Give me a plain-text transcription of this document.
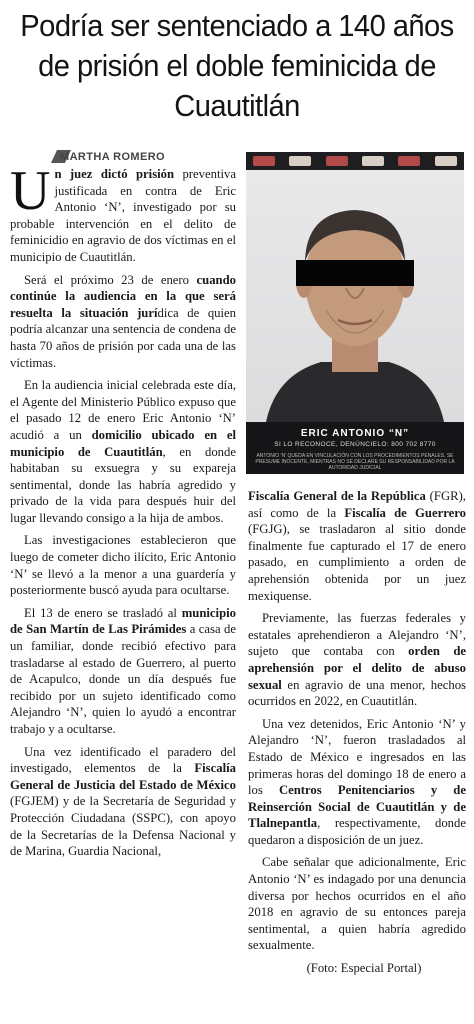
Podría ser sentenciado a 140 años de prisión el doble feminicida de Cuautitlán
MARTHA ROMERO

Un juez dictó prisión preventiva justificada en contra de Eric Antonio ‘N’, investigado por su probable intervención en el delito de feminicidio en agravio de dos víctimas en el municipio de Cuautitlán.

Será el próximo 23 de enero cuando continúe la audiencia en la que será resuelta la situación jurídica de quien podría alcanzar una sentencia de condena de hasta 70 años de prisión por cada una de las víctimas.

En la audiencia inicial celebrada este día, el Agente del Ministerio Público expuso que el pasado 12 de enero Eric Antonio ‘N’ acudió a un domicilio ubicado en el municipio de Cuautitlán, en donde habitaban su exsuegra y su expareja sentimental, donde las habría agredido y privado de la vida para después huir del lugar llevando consigo a la hija de ambos.

Las investigaciones establecieron que luego de cometer dicho ilícito, Eric Antonio ‘N’ se llevó a la menor a una guardería y posteriormente buscó ayuda para ocultarse.

El 13 de enero se trasladó al municipio de San Martín de Las Pirámides a casa de un familiar, donde recibió efectivo para trasladarse al estado de Guerrero, al puerto de Acapulco, donde un día después fue recibido por un sujeto identificado como Alejandro ‘N’, quien lo ayudó a encontrar trabajo y a ocultarse.

Una vez identificado el paradero del investigado, elementos de la Fiscalía General de Justicia del Estado de México (FGJEM) y de la Secretaría de Seguridad y Protección Ciudadana (SSPC), con apoyo de la Secretarías de la Defensa Nacional y de Marina, Guardia Nacional,

ERIC ANTONIO “N”
SI LO RECONOCE, DENÚNCIELO: 800 702 8770
ANTONIO 'N' QUEDA EN VINCULACIÓN CON LOS PROCEDIMIENTOS PENALES. SE PRESUME INOCENTE, MIENTRAS NO SE DECLARE SU RESPONSABILIDAD POR LA AUTORIDAD JUDICIAL

Fiscalía General de la República (FGR), así como de la Fiscalía de Guerrero (FGJG), se trasladaron al sitio donde finalmente fue capturado el 17 de enero pasado, en cumplimiento a orden de aprehensión obtenida por un juez mexiquense.

Previamente, las fuerzas federales y estatales aprehendieron a Alejandro ‘N’, sujeto que contaba con orden de aprehensión por el delito de abuso sexual en agravio de una menor, hechos ocurridos en 2022, en Cuautitlán.

Una vez detenidos, Eric Antonio ‘N’ y Alejandro ‘N’, fueron trasladados al Estado de México e ingresados en las primeras horas del domingo 18 de enero a los Centros Penitenciarios y de Reinserción Social de Cuautitlán y de Tlalnepantla, respectivamente, donde quedaron a disposición de un juez.

Cabe señalar que adicionalmente, Eric Antonio ‘N’ es indagado por una denuncia diversa por hechos ocurridos en el año 2018 en agravio de su entonces pareja sentimental, a quien habría agredido sexualmente.

(Foto: Especial Portal)
